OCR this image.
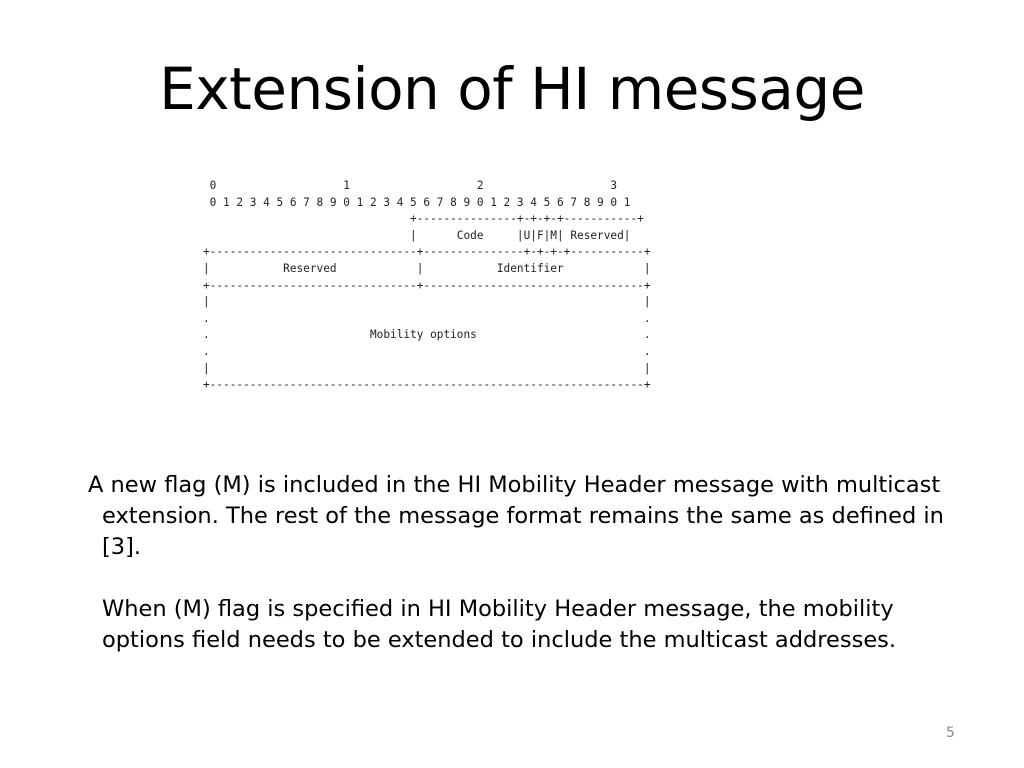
Extension of HI message
0                   1                   2                   3
0 1 2 3 4 5 6 7 8 9 0 1 2 3 4 5 6 7 8 9 0 1 2 3 4 5 6 7 8 9 0 1
+---------------+-+-+-+-----------+
|      Code     |U|F|M| Reserved|
+-------------------------------+---------------+-+-+-+-----------+
|           Reserved            |           Identifier            |
+-------------------------------+---------------------------------+
|                                                                 |
.                                                                 .
.                        Mobility options                         .
.                                                                 .
|                                                                 |
+-----------------------------------------------------------------+

A new flag (M) is included in the HI Mobility Header message with multicast extension. The rest of the message format remains the same as defined in [3].

When (M) flag is specified in HI Mobility Header message, the mobility options field needs to be extended to include the multicast addresses.

5
